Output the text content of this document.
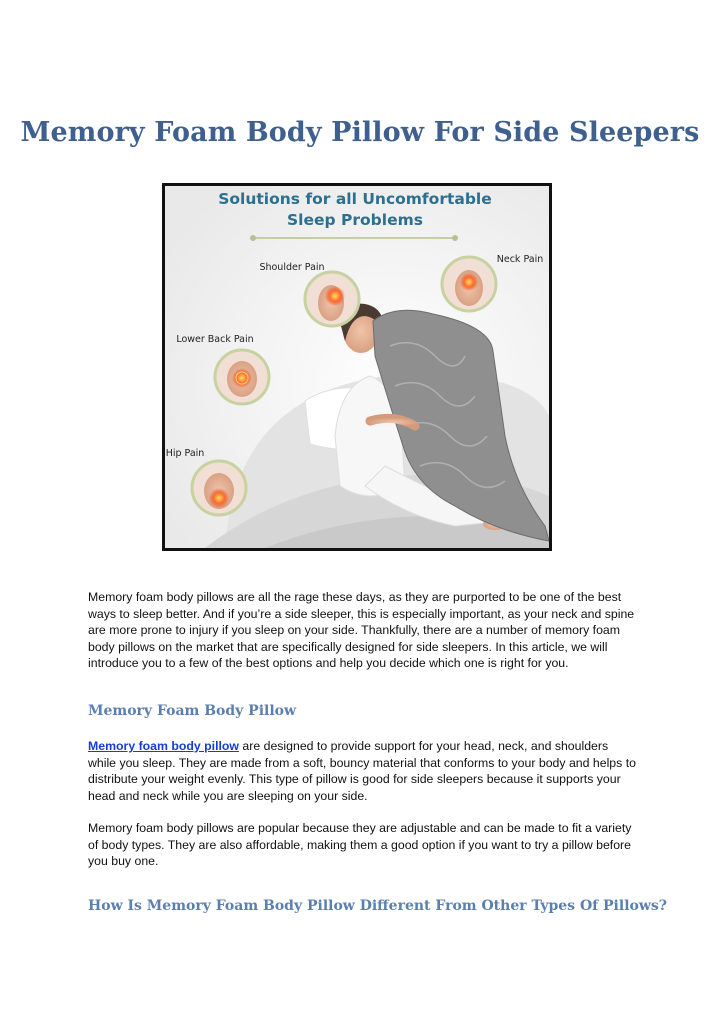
Memory Foam Body Pillow For Side Sleepers
Solutions for all Uncomfortable
Sleep Problems
Neck Pain
Shoulder Pain
Lower Back Pain
Hip Pain

Memory foam body pillows are all the rage these days, as they are purported to be one of the best ways to sleep better. And if you’re a side sleeper, this is especially important, as your neck and spine are more prone to injury if you sleep on your side. Thankfully, there are a number of memory foam body pillows on the market that are specifically designed for side sleepers. In this article, we will introduce you to a few of the best options and help you decide which one is right for you.

Memory Foam Body Pillow

Memory foam body pillow are designed to provide support for your head, neck, and shoulders while you sleep. They are made from a soft, bouncy material that conforms to your body and helps to distribute your weight evenly. This type of pillow is good for side sleepers because it supports your head and neck while you are sleeping on your side.

Memory foam body pillows are popular because they are adjustable and can be made to fit a variety of body types. They are also affordable, making them a good option if you want to try a pillow before you buy one.

How Is Memory Foam Body Pillow Different From Other Types Of Pillows?
